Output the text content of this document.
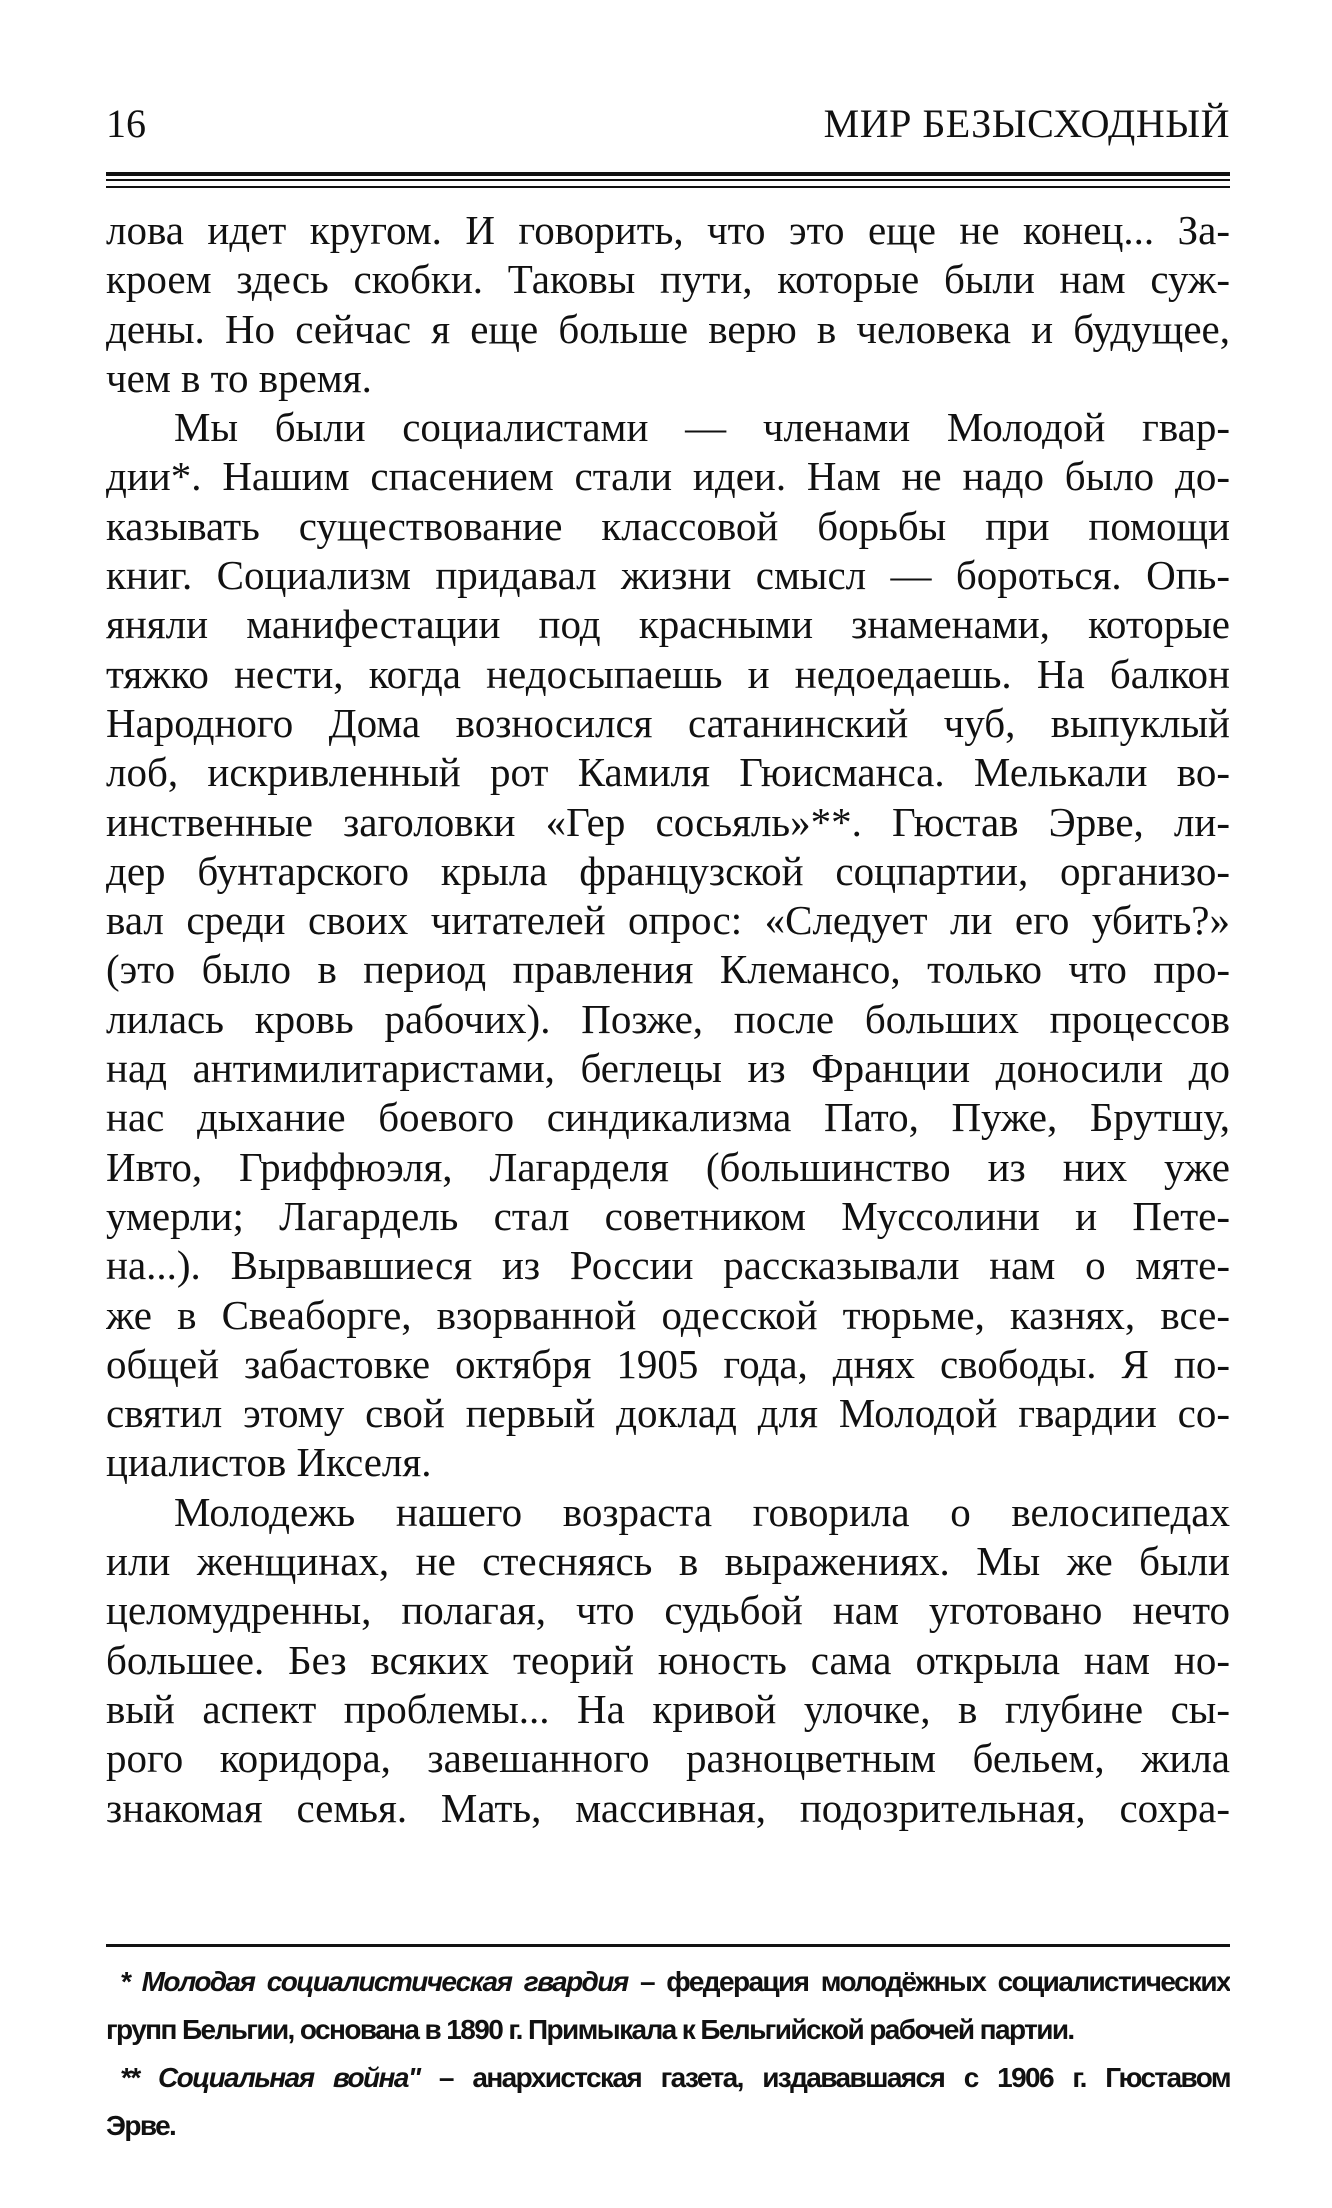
16	МИР БЕЗЫСХОДНЫЙ
лова идет кругом. И говорить, что это еще не конец... За-
кроем здесь скобки. Таковы пути, которые были нам суж-
дены. Но сейчас я еще больше верю в человека и будущее,
чем в то время.
Мы были социалистами — членами Молодой гвар-
дии*. Нашим спасением стали идеи. Нам не надо было до-
казывать существование классовой борьбы при помощи
книг. Социализм придавал жизни смысл — бороться. Опь-
яняли манифестации под красными знаменами, которые
тяжко нести, когда недосыпаешь и недоедаешь. На балкон
Народного Дома возносился сатанинский чуб, выпуклый
лоб, искривленный рот Камиля Гюисманса. Мелькали во-
инственные заголовки «Гер сосьяль»**. Гюстав Эрве, ли-
дер бунтарского крыла французской соцпартии, организо-
вал среди своих читателей опрос: «Следует ли его убить?»
(это было в период правления Клемансо, только что про-
лилась кровь рабочих). Позже, после больших процессов
над антимилитаристами, беглецы из Франции доносили до
нас дыхание боевого синдикализма Пато, Пуже, Брутшу,
Ивто, Гриффюэля, Лагарделя (большинство из них уже
умерли; Лагардель стал советником Муссолини и Пете-
на...). Вырвавшиеся из России рассказывали нам о мяте-
же в Свеаборге, взорванной одесской тюрьме, казнях, все-
общей забастовке октября 1905 года, днях свободы. Я по-
святил этому свой первый доклад для Молодой гвардии со-
циалистов Икселя.
Молодежь нашего возраста говорила о велосипедах
или женщинах, не стесняясь в выражениях. Мы же были
целомудренны, полагая, что судьбой нам уготовано нечто
большее. Без всяких теорий юность сама открыла нам но-
вый аспект проблемы... На кривой улочке, в глубине сы-
рого коридора, завешанного разноцветным бельем, жила
знакомая семья. Мать, массивная, подозрительная, сохра-
* Молодая социалистическая гвардия – федерация молодёжных социалистических
групп Бельгии, основана в 1890 г. Примыкала к Бельгийской рабочей партии.
** Социальная война" – анархистская газета, издававшаяся с 1906 г. Гюставом
Эрве.
